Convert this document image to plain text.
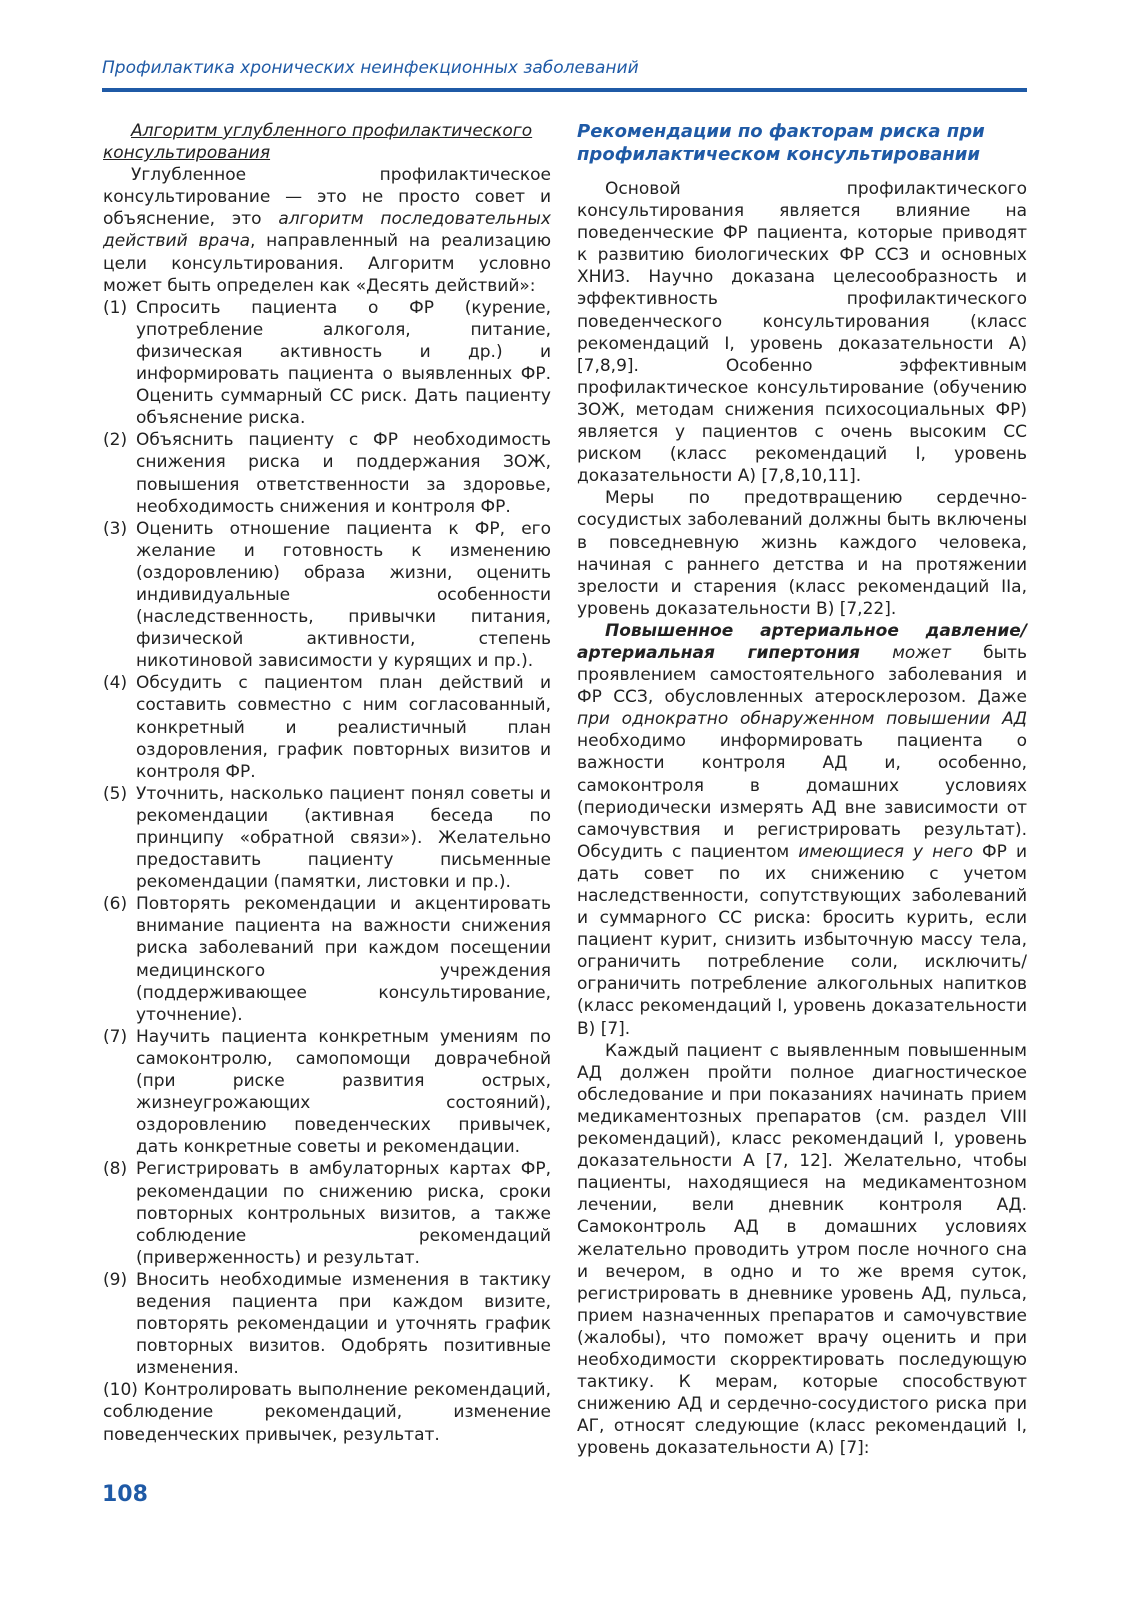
Профилактика хронических неинфекционных заболеваний

Алгоритм углубленного профилактического консультирования

Углубленное профилактическое консультирование — это не просто совет и объяснение, это алгоритм последовательных действий врача, направленный на реализацию цели консультирования. Алгоритм условно может быть определен как «Десять действий»:

(1) Спросить пациента о ФР (курение, употребление алкоголя, питание, физическая активность и др.) и информировать пациента о выявленных ФР. Оценить суммарный СС риск. Дать пациенту объяснение риска.
(2) Объяснить пациенту с ФР необходимость снижения риска и поддержания ЗОЖ, повышения ответственности за здоровье, необходимость снижения и контроля ФР.
(3) Оценить отношение пациента к ФР, его желание и готовность к изменению (оздоровлению) образа жизни, оценить индивидуальные особенности (наследственность, привычки питания, физической активности, степень никотиновой зависимости у курящих и пр.).
(4) Обсудить с пациентом план действий и составить совместно с ним согласованный, конкретный и реалистичный план оздоровления, график повторных визитов и контроля ФР.
(5) Уточнить, насколько пациент понял советы и рекомендации (активная беседа по принципу «обратной связи»). Желательно предоставить пациенту письменные рекомендации (памятки, листовки и пр.).
(6) Повторять рекомендации и акцентировать внимание пациента на важности снижения риска заболеваний при каждом посещении медицинского учреждения (поддерживающее консультирование, уточнение).
(7) Научить пациента конкретным умениям по самоконтролю, самопомощи доврачебной (при риске развития острых, жизнеугрожающих состояний), оздоровлению поведенческих привычек, дать конкретные советы и рекомендации.
(8) Регистрировать в амбулаторных картах ФР, рекомендации по снижению риска, сроки повторных контрольных визитов, а также соблюдение рекомендаций (приверженность) и результат.
(9) Вносить необходимые изменения в тактику ведения пациента при каждом визите, повторять рекомендации и уточнять график повторных визитов. Одобрять позитивные изменения.
(10) Контролировать выполнение рекомендаций, соблюдение рекомендаций, изменение поведенческих привычек, результат.

Рекомендации по факторам риска при профилактическом консультировании

Основой профилактического консультирования является влияние на поведенческие ФР пациента, которые приводят к развитию биологических ФР ССЗ и основных ХНИЗ. Научно доказана целесообразность и эффективность профилактического поведенческого консультирования (класс рекомендаций I, уровень доказательности А) [7,8,9]. Особенно эффективным профилактическое консультирование (обучению ЗОЖ, методам снижения психосоциальных ФР) является у пациентов с очень высоким СС риском (класс рекомендаций I, уровень доказательности А) [7,8,10,11].

Меры по предотвращению сердечно-сосудистых заболеваний должны быть включены в повседневную жизнь каждого человека, начиная с раннего детства и на протяжении зрелости и старения (класс рекомендаций IIa, уровень доказательности В) [7,22].

Повышенное артериальное давление/артериальная гипертония может быть проявлением самостоятельного заболевания и ФР ССЗ, обусловленных атеросклерозом. Даже при однократно обнаруженном повышении АД необходимо информировать пациента о важности контроля АД и, особенно, самоконтроля в домашних условиях (периодически измерять АД вне зависимости от самочувствия и регистрировать результат). Обсудить с пациентом имеющиеся у него ФР и дать совет по их снижению с учетом наследственности, сопутствующих заболеваний и суммарного СС риска: бросить курить, если пациент курит, снизить избыточную массу тела, ограничить потребление соли, исключить/ограничить потребление алкогольных напитков (класс рекомендаций I, уровень доказательности В) [7].

Каждый пациент с выявленным повышенным АД должен пройти полное диагностическое обследование и при показаниях начинать прием медикаментозных препаратов (см. раздел VIII рекомендаций), класс рекомендаций I, уровень доказательности А [7, 12]. Желательно, чтобы пациенты, находящиеся на медикаментозном лечении, вели дневник контроля АД. Самоконтроль АД в домашних условиях желательно проводить утром после ночного сна и вечером, в одно и то же время суток, регистрировать в дневнике уровень АД, пульса, прием назначенных препаратов и самочувствие (жалобы), что поможет врачу оценить и при необходимости скорректировать последующую тактику. К мерам, которые способствуют снижению АД и сердечно-сосудистого риска при АГ, относят следующие (класс рекомендаций I, уровень доказательности А) [7]:

108
